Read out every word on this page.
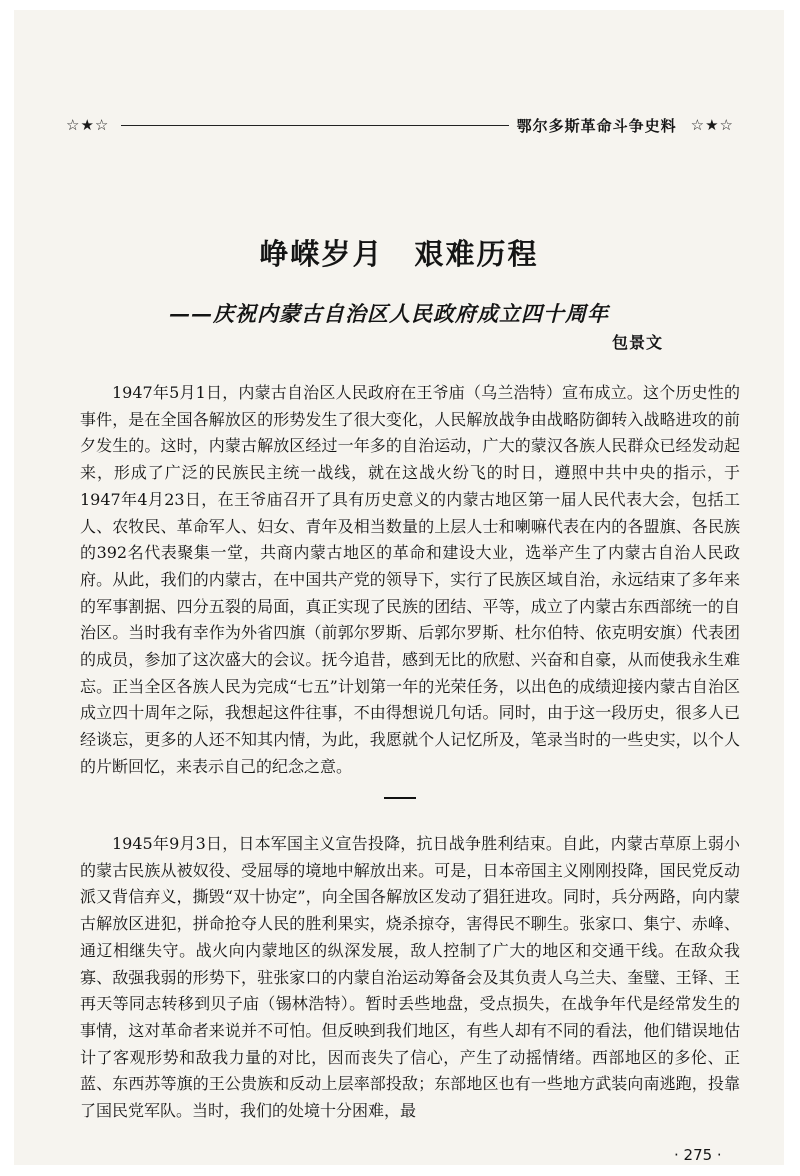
☆★☆	鄂尔多斯革命斗争史料 ☆★☆
峥嵘岁月　艰难历程
——庆祝内蒙古自治区人民政府成立四十周年
包景文

1947年5月1日，内蒙古自治区人民政府在王爷庙（乌兰浩特）宣布成立。这个历史性的事件，是在全国各解放区的形势发生了很大变化，人民解放战争由战略防御转入战略进攻的前夕发生的。这时，内蒙古解放区经过一年多的自治运动，广大的蒙汉各族人民群众已经发动起来，形成了广泛的民族民主统一战线，就在这战火纷飞的时日，遵照中共中央的指示，于1947年4月23日，在王爷庙召开了具有历史意义的内蒙古地区第一届人民代表大会，包括工人、农牧民、革命军人、妇女、青年及相当数量的上层人士和喇嘛代表在内的各盟旗、各民族的392名代表聚集一堂，共商内蒙古地区的革命和建设大业，选举产生了内蒙古自治人民政府。从此，我们的内蒙古，在中国共产党的领导下，实行了民族区域自治，永远结束了多年来的军事割据、四分五裂的局面，真正实现了民族的团结、平等，成立了内蒙古东西部统一的自治区。当时我有幸作为外省四旗（前郭尔罗斯、后郭尔罗斯、杜尔伯特、依克明安旗）代表团的成员，参加了这次盛大的会议。抚今追昔，感到无比的欣慰、兴奋和自豪，从而使我永生难忘。正当全区各族人民为完成“七五”计划第一年的光荣任务，以出色的成绩迎接内蒙古自治区成立四十周年之际，我想起这件往事，不由得想说几句话。同时，由于这一段历史，很多人已经谈忘，更多的人还不知其内情，为此，我愿就个人记忆所及，笔录当时的一些史实，以个人的片断回忆，来表示自己的纪念之意。

1945年9月3日，日本军国主义宣告投降，抗日战争胜利结束。自此，内蒙古草原上弱小的蒙古民族从被奴役、受屈辱的境地中解放出来。可是，日本帝国主义刚刚投降，国民党反动派又背信弃义，撕毁“双十协定”，向全国各解放区发动了猖狂进攻。同时，兵分两路，向内蒙古解放区进犯，拼命抢夺人民的胜利果实，烧杀掠夺，害得民不聊生。张家口、集宁、赤峰、通辽相继失守。战火向内蒙地区的纵深发展，敌人控制了广大的地区和交通干线。在敌众我寡、敌强我弱的形势下，驻张家口的内蒙自治运动筹备会及其负责人乌兰夫、奎璧、王铎、王再天等同志转移到贝子庙（锡林浩特）。暂时丢些地盘，受点损失，在战争年代是经常发生的事情，这对革命者来说并不可怕。但反映到我们地区，有些人却有不同的看法，他们错误地估计了客观形势和敌我力量的对比，因而丧失了信心，产生了动摇情绪。西部地区的多伦、正蓝、东西苏等旗的王公贵族和反动上层率部投敌；东部地区也有一些地方武装向南逃跑，投靠了国民党军队。当时，我们的处境十分困难，最

· 275 ·
